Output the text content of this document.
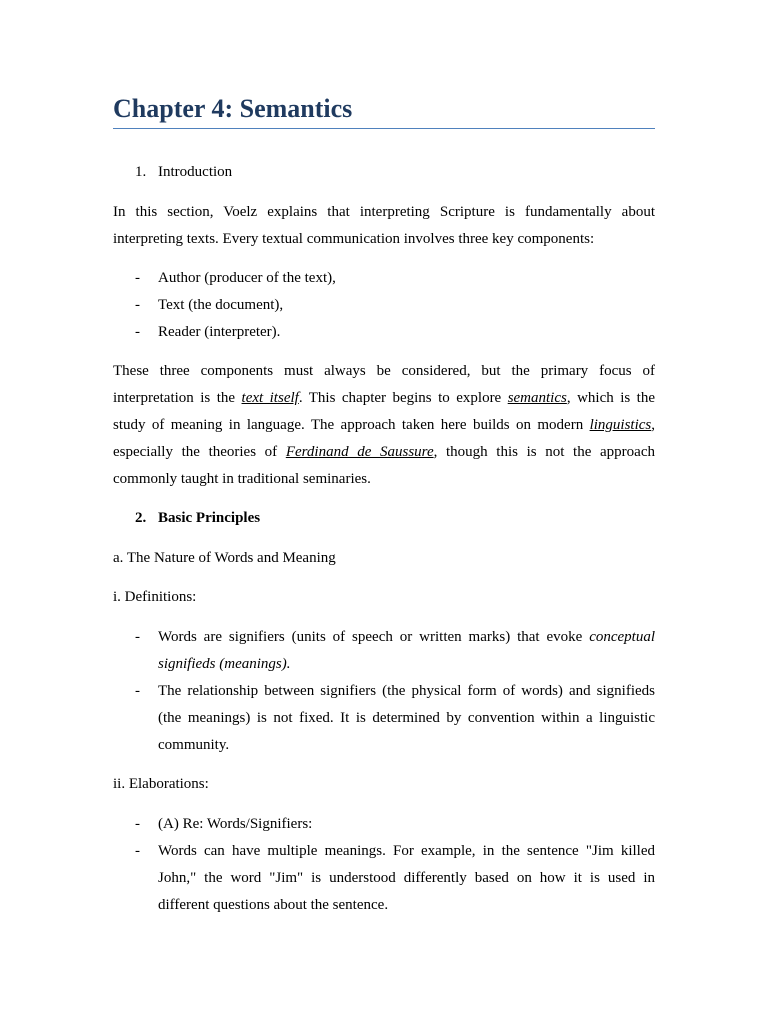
Chapter 4: Semantics
1. Introduction

In this section, Voelz explains that interpreting Scripture is fundamentally about interpreting texts. Every textual communication involves three key components:

- Author (producer of the text),
- Text (the document),
- Reader (interpreter).

These three components must always be considered, but the primary focus of interpretation is the text itself. This chapter begins to explore semantics, which is the study of meaning in language. The approach taken here builds on modern linguistics, especially the theories of Ferdinand de Saussure, though this is not the approach commonly taught in traditional seminaries.

2. Basic Principles

a. The Nature of Words and Meaning

i. Definitions:

- Words are signifiers (units of speech or written marks) that evoke conceptual signifieds (meanings).
- The relationship between signifiers (the physical form of words) and signifieds (the meanings) is not fixed. It is determined by convention within a linguistic community.

ii. Elaborations:

- (A) Re: Words/Signifiers:
- Words can have multiple meanings. For example, in the sentence "Jim killed John," the word "Jim" is understood differently based on how it is used in different questions about the sentence.
